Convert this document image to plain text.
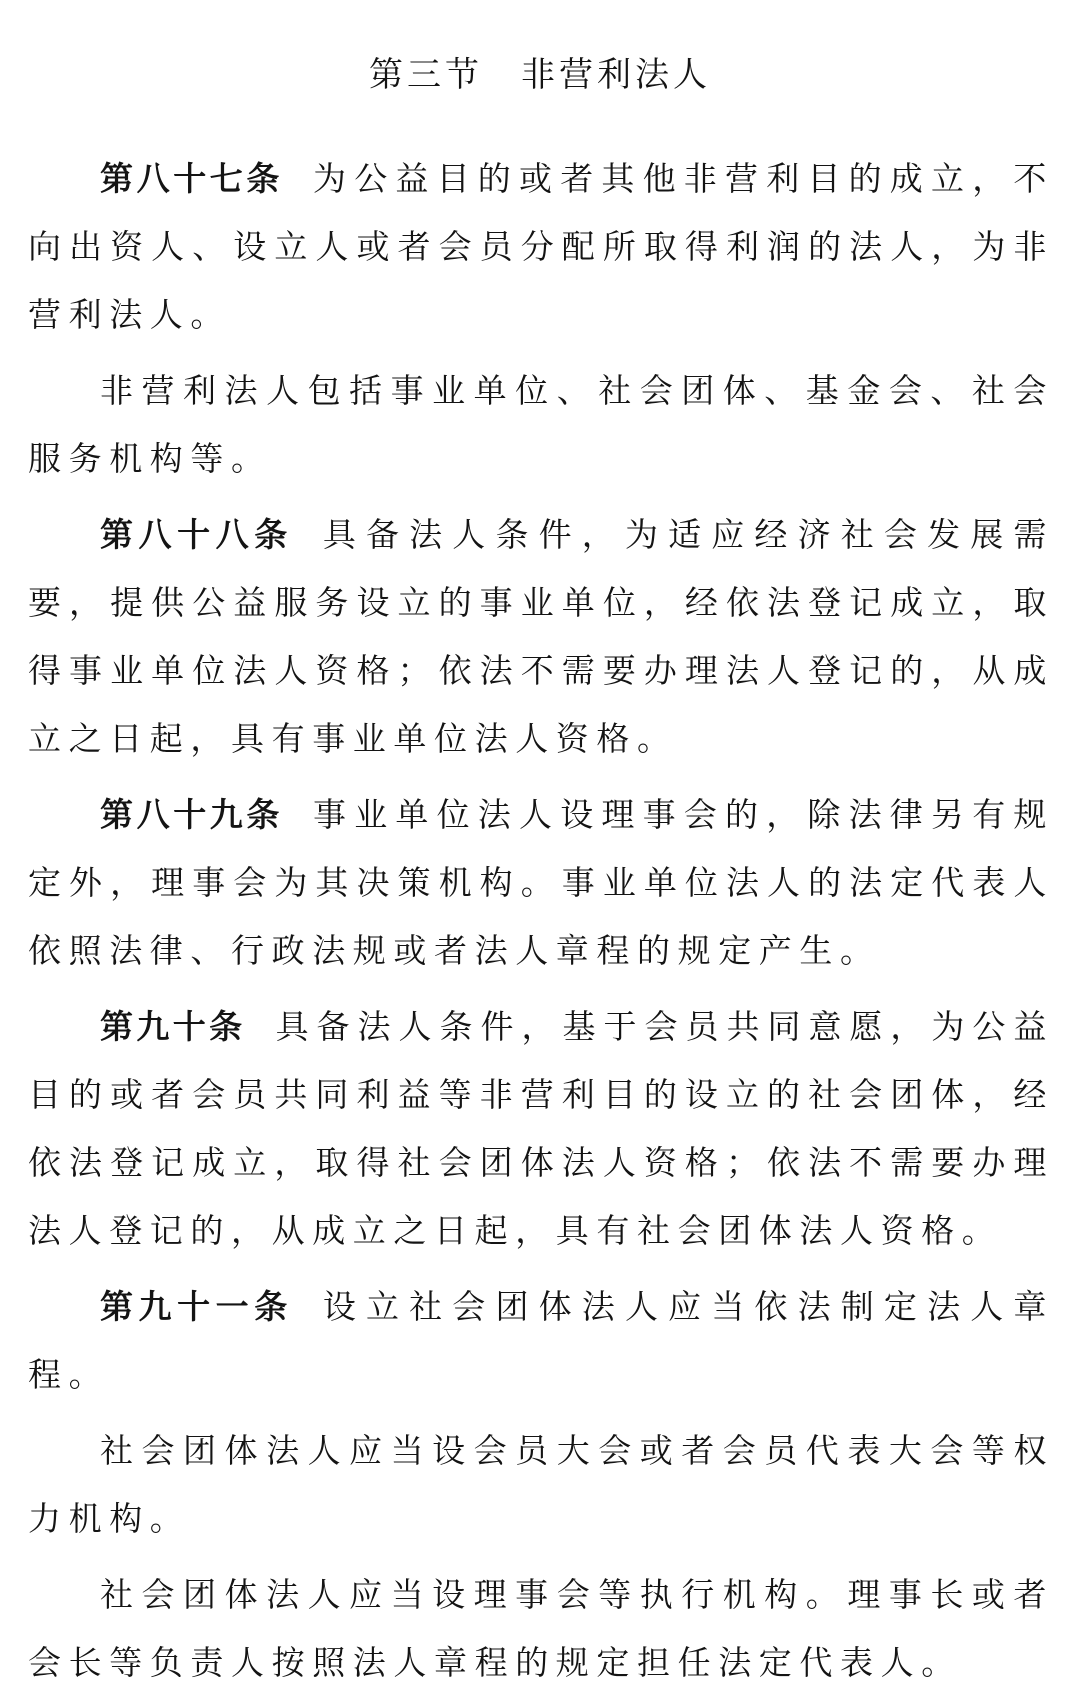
第三节　非营利法人

第八十七条 为公益目的或者其他非营利目的成立，不向出资人、设立人或者会员分配所取得利润的法人，为非营利法人。

非营利法人包括事业单位、社会团体、基金会、社会服务机构等。

第八十八条 具备法人条件，为适应经济社会发展需要，提供公益服务设立的事业单位，经依法登记成立，取得事业单位法人资格；依法不需要办理法人登记的，从成立之日起，具有事业单位法人资格。

第八十九条 事业单位法人设理事会的，除法律另有规定外，理事会为其决策机构。事业单位法人的法定代表人依照法律、行政法规或者法人章程的规定产生。

第九十条 具备法人条件，基于会员共同意愿，为公益目的或者会员共同利益等非营利目的设立的社会团体，经依法登记成立，取得社会团体法人资格；依法不需要办理法人登记的，从成立之日起，具有社会团体法人资格。

第九十一条 设立社会团体法人应当依法制定法人章程。

社会团体法人应当设会员大会或者会员代表大会等权力机构。

社会团体法人应当设理事会等执行机构。理事长或者会长等负责人按照法人章程的规定担任法定代表人。
